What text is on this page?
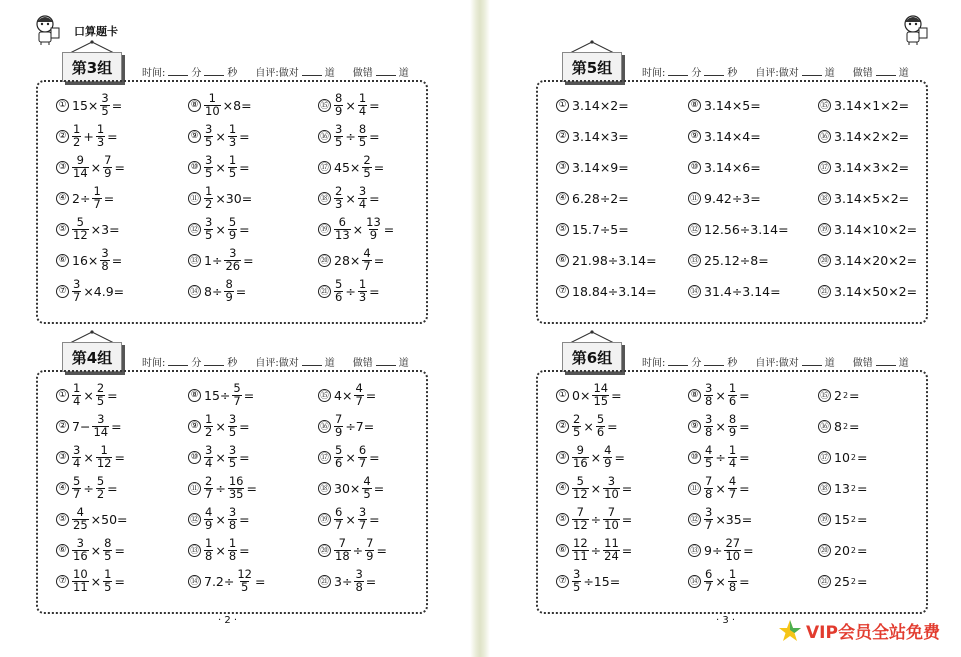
口算题卡
第3组	时间:	分	秒 自评:做对	道 做错	道
① $15\times \frac{3}{5}$ =
② $\frac{1}{2} + \frac{1}{3}$ =
③ $\frac{9}{14} \times \frac{7}{9}$ =
④ $2\div \frac{1}{7}$ =
⑤ $\frac{5}{12} \times 3=$
⑥ $16\times \frac{3}{8}$ =
⑦ $\frac{3}{7} \times 4.9=$
⑧ $\frac{1}{10} \times 8=$
⑨ $\frac{3}{5} \times \frac{1}{3}$ =
⑩ $\frac{3}{5} \times \frac{1}{5}$ =
⑪ $\frac{1}{2} \times 30=$
⑫ $\frac{3}{5} \times \frac{5}{9}$ =
⑬ $1\div \frac{3}{26}$ =
⑭ $8\div \frac{8}{9}$ =
⑮ $\frac{8}{9} \times \frac{1}{4}$ =
⑯ $\frac{3}{5} \div \frac{8}{5}$ =
⑰ $45\times \frac{2}{5}$ =
⑱ $\frac{2}{3} \times \frac{3}{4}$ =
⑲ $\frac{6}{13} \times \frac{13}{9}$ =
⑳ $28\times \frac{4}{7}$ =
㉑ $\frac{5}{6} \div \frac{1}{3}$ =
第4组	时间:	分	秒 自评:做对	道 做错	道
① $\frac{1}{4} \times \frac{2}{5}$ =
② $7- \frac{3}{14}$ =
③ $\frac{3}{4} \times \frac{1}{12}$ =
④ $\frac{5}{7} \div \frac{5}{2}$ =
⑤ $\frac{4}{25} \times 50=$
⑥ $\frac{3}{16} \times \frac{8}{5}$ =
⑦ $\frac{10}{11} \times \frac{1}{5}$ =
⑧ $15\div \frac{5}{7}$ =
⑨ $\frac{1}{2} \times \frac{3}{5}$ =
⑩ $\frac{3}{4} \times \frac{3}{5}$ =
⑪ $\frac{2}{7} \div \frac{16}{35}$ =
⑫ $\frac{4}{9} \times \frac{3}{8}$ =
⑬ $\frac{1}{8} \times \frac{1}{8}$ =
⑭ $7.2\div \frac{12}{5}$ =
⑮ $4\times \frac{4}{7}$ =
⑯ $\frac{7}{9} \div 7=$
⑰ $\frac{5}{6} \times \frac{6}{7}$ =
⑱ $30\times \frac{4}{5}$ =
⑲ $\frac{6}{7} \times \frac{3}{7}$ =
⑳ $\frac{7}{18} \div \frac{7}{9}$ =
㉑ $3\div \frac{3}{8}$ =
· 2 ·
第5组	时间:	分	秒 自评:做对	道 做错	道
① 3.14×2=
② 3.14×3=
③ 3.14×9=
④ 6.28÷2=
⑤ 15.7÷5=
⑥ 21.98÷3.14=
⑦ 18.84÷3.14=
⑧ 3.14×5=
⑨ 3.14×4=
⑩ 3.14×6=
⑪ 9.42÷3=
⑫ 12.56÷3.14=
⑬ 25.12÷8=
⑭ 31.4÷3.14=
⑮ 3.14×1×2=
⑯ 3.14×2×2=
⑰ 3.14×3×2=
⑱ 3.14×5×2=
⑲ 3.14×10×2=
⑳ 3.14×20×2=
㉑ 3.14×50×2=
第6组	时间:	分	秒 自评:做对	道 做错	道
① $0\times \frac{14}{15}$ =
② $\frac{2}{5} \times \frac{5}{6}$ =
③ $\frac{9}{16} \times \frac{4}{9}$ =
④ $\frac{5}{12} \times \frac{3}{10}$ =
⑤ $\frac{7}{12} \div \frac{7}{10}$ =
⑥ $\frac{12}{11} \div \frac{11}{24}$ =
⑦ $\frac{3}{5} \div 15=$
⑧ $\frac{3}{8} \times \frac{1}{6}$ =
⑨ $\frac{3}{8} \times \frac{8}{9}$ =
⑩ $\frac{4}{5} \div \frac{1}{4}$ =
⑪ $\frac{7}{8} \times \frac{4}{7}$ =
⑫ $\frac{3}{7} \times 35=$
⑬ $9\div \frac{27}{10}$ =
⑭ $\frac{6}{7} \times \frac{1}{8}$ =
⑮ 2 2 =
⑯ 8 2 =
⑰ 10 2 =
⑱ 13 2 =
⑲ 15 2 =
⑳ 20 2 =
㉑ 25 2 =
· 3 ·
VIP会员全站免费
